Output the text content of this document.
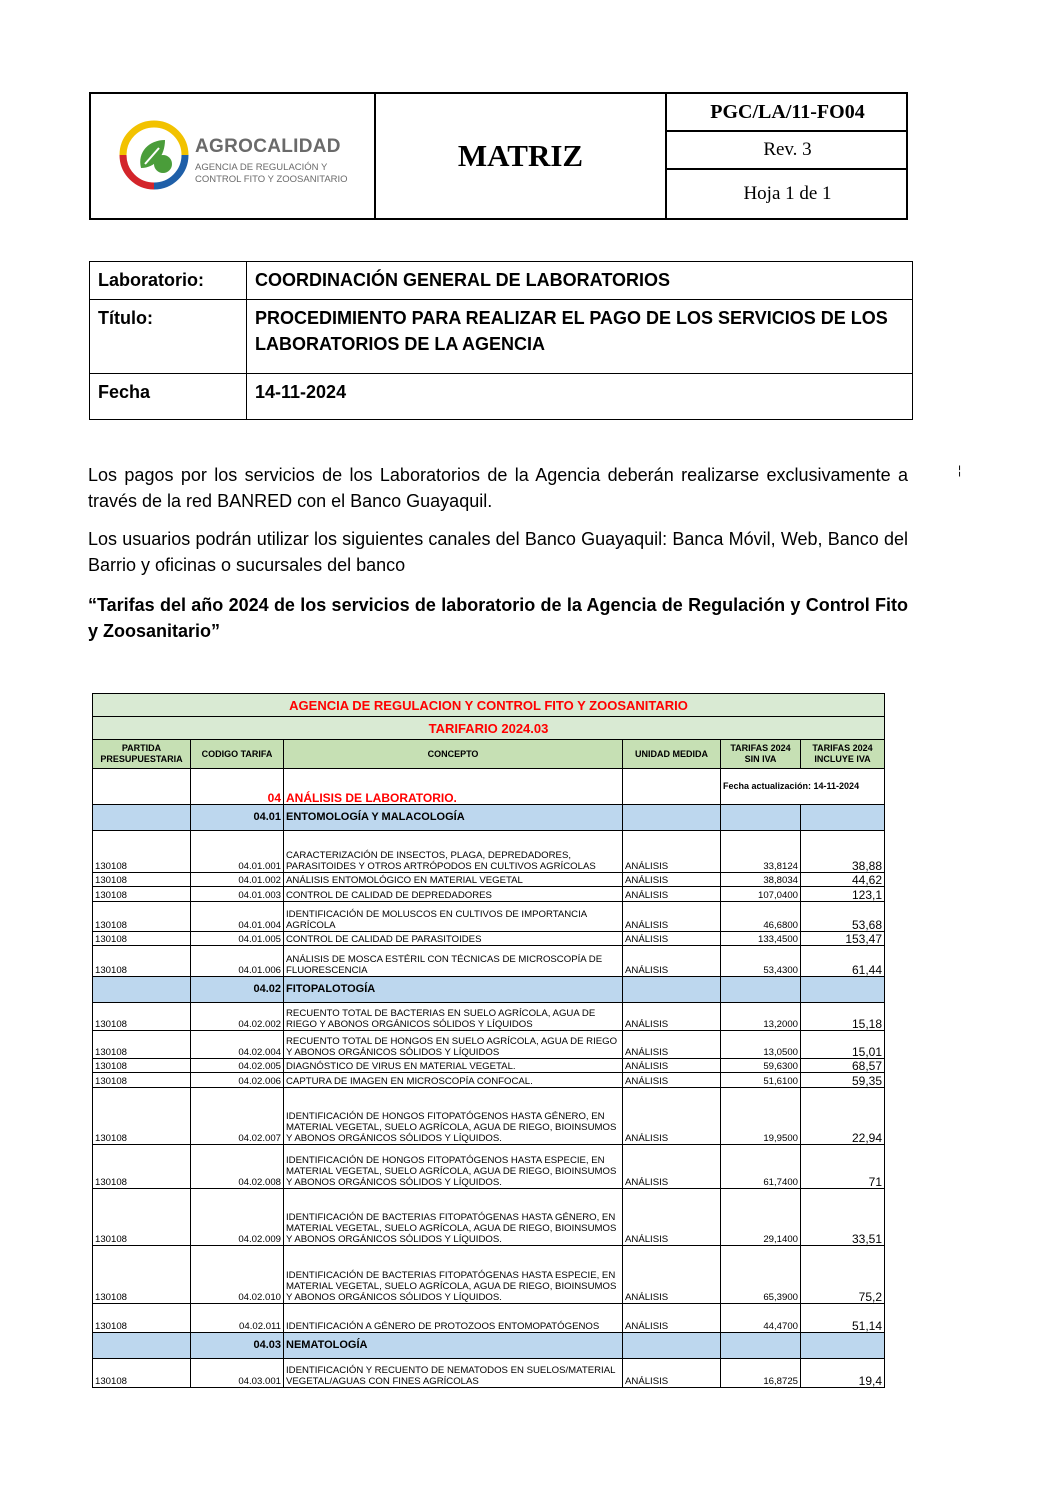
AGROCALIDAD
AGENCIA DE REGULACIÓN Y CONTROL FITO Y ZOOSANITARIO
MATRIZ
PGC/LA/11-FO04
Rev. 3
Hoja 1 de 1
Laboratorio:	COORDINACIÓN GENERAL DE LABORATORIOS
Título:	PROCEDIMIENTO PARA REALIZAR EL PAGO DE LOS SERVICIOS DE LOS LABORATORIOS DE LA AGENCIA
Fecha	14-11-2024
¦
Los pagos por los servicios de los Laboratorios de la Agencia deberán realizarse exclusivamente a través de la red BANRED con el Banco Guayaquil.
Los usuarios podrán utilizar los siguientes canales del Banco Guayaquil: Banca Móvil, Web, Banco del Barrio y oficinas o sucursales del banco
“Tarifas del año 2024 de los servicios de laboratorio de la Agencia de Regulación y Control Fito y Zoosanitario”
AGENCIA DE REGULACION Y CONTROL FITO Y ZOOSANITARIO					
TARIFARIO 2024.03					
PARTIDA PRESUPUESTARIA	CODIGO TARIFA	CONCEPTO	UNIDAD MEDIDA	TARIFAS 2024 SIN IVA	TARIFAS 2024 INCLUYE IVA
	04	ANÁLISIS DE LABORATORIO.		Fecha actualización: 14-11-2024	
	04.01	ENTOMOLOGÍA Y MALACOLOGÍA			
130108	04.01.001	CARACTERIZACIÓN DE INSECTOS, PLAGA, DEPREDADORES, PARASITOIDES Y OTROS ARTRÓPODOS EN CULTIVOS AGRÍCOLAS	ANÁLISIS	33,8124	38,88
130108	04.01.002	ANÁLISIS ENTOMOLÓGICO EN MATERIAL VEGETAL	ANÁLISIS	38,8034	44,62
130108	04.01.003	CONTROL DE CALIDAD DE DEPREDADORES	ANÁLISIS	107,0400	123,1
130108	04.01.004	IDENTIFICACIÓN DE MOLUSCOS EN CULTIVOS DE IMPORTANCIA AGRÍCOLA	ANÁLISIS	46,6800	53,68
130108	04.01.005	CONTROL DE CALIDAD DE PARASITOIDES	ANÁLISIS	133,4500	153,47
130108	04.01.006	ANÁLISIS DE MOSCA ESTÉRIL CON TÉCNICAS DE MICROSCOPÍA DE FLUORESCENCIA	ANÁLISIS	53,4300	61,44
	04.02	FITOPALOTOGÍA			
130108	04.02.002	RECUENTO TOTAL DE BACTERIAS EN SUELO AGRÍCOLA, AGUA DE RIEGO Y ABONOS ORGÁNICOS SÓLIDOS Y LÍQUIDOS	ANÁLISIS	13,2000	15,18
130108	04.02.004	RECUENTO TOTAL DE HONGOS EN SUELO AGRÍCOLA, AGUA DE RIEGO Y ABONOS ORGÁNICOS SÓLIDOS Y LÍQUIDOS	ANÁLISIS	13,0500	15,01
130108	04.02.005	DIAGNÓSTICO DE VIRUS EN MATERIAL VEGETAL.	ANÁLISIS	59,6300	68,57
130108	04.02.006	CAPTURA DE IMAGEN EN MICROSCOPÍA CONFOCAL.	ANÁLISIS	51,6100	59,35
130108	04.02.007	IDENTIFICACIÓN DE HONGOS FITOPATÓGENOS HASTA GÉNERO, EN MATERIAL VEGETAL, SUELO AGRÍCOLA, AGUA DE RIEGO, BIOINSUMOS Y ABONOS ORGÁNICOS SÓLIDOS Y LÍQUIDOS.	ANÁLISIS	19,9500	22,94
130108	04.02.008	IDENTIFICACIÓN DE HONGOS FITOPATÓGENOS HASTA ESPECIE, EN MATERIAL VEGETAL, SUELO AGRÍCOLA, AGUA DE RIEGO, BIOINSUMOS Y ABONOS ORGÁNICOS SÓLIDOS Y LÍQUIDOS.	ANÁLISIS	61,7400	71
130108	04.02.009	IDENTIFICACIÓN DE BACTERIAS FITOPATÓGENAS HASTA GÉNERO, EN MATERIAL VEGETAL, SUELO AGRÍCOLA, AGUA DE RIEGO, BIOINSUMOS Y ABONOS ORGÁNICOS SÓLIDOS Y LÍQUIDOS.	ANÁLISIS	29,1400	33,51
130108	04.02.010	IDENTIFICACIÓN DE BACTERIAS FITOPATÓGENAS HASTA ESPECIE, EN MATERIAL VEGETAL, SUELO AGRÍCOLA, AGUA DE RIEGO, BIOINSUMOS Y ABONOS ORGÁNICOS SÓLIDOS Y LÍQUIDOS.	ANÁLISIS	65,3900	75,2
130108	04.02.011	IDENTIFICACIÓN A GÉNERO DE PROTOZOOS ENTOMOPATÓGENOS	ANÁLISIS	44,4700	51,14
	04.03	NEMATOLOGÍA			
130108	04.03.001	IDENTIFICACIÓN Y RECUENTO DE NEMATODOS EN SUELOS/MATERIAL VEGETAL/AGUAS CON FINES AGRÍCOLAS	ANÁLISIS	16,8725	19,4
